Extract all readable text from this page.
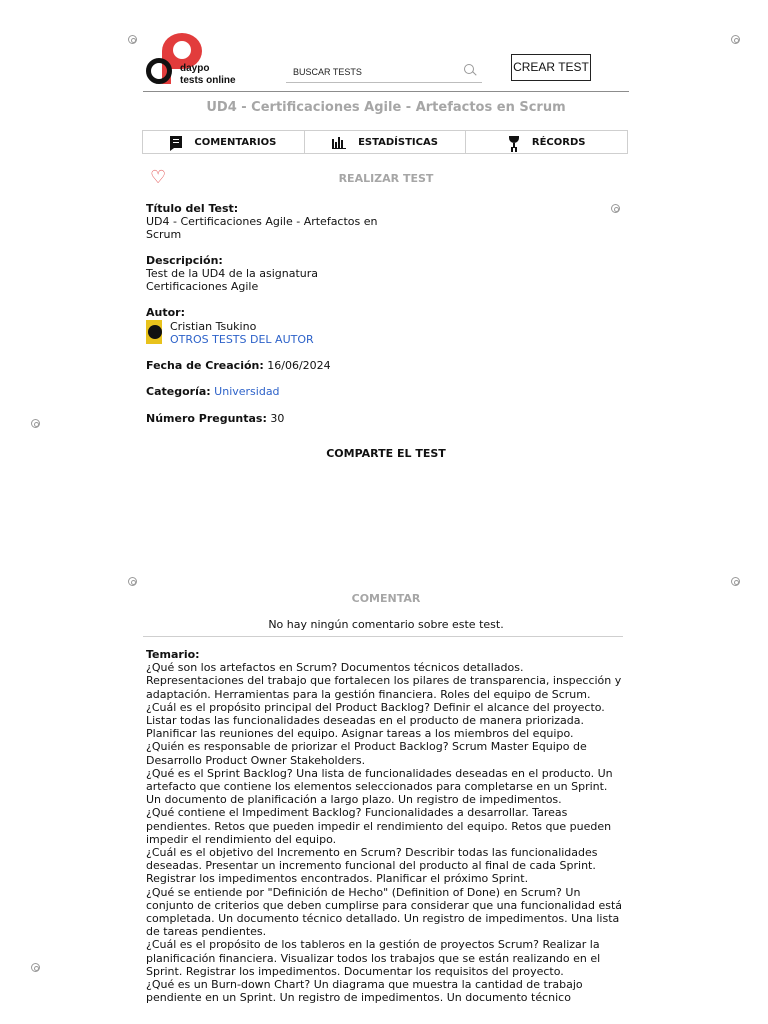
daypo
tests online
BUSCAR TESTS
CREAR TEST
UD4 - Certificaciones Agile - Artefactos en Scrum
COMENTARIOS	ESTADÍSTICAS	RÉCORDS
♡	REALIZAR TEST
Título del Test:
UD4 - Certificaciones Agile - Artefactos en
Scrum
Descripción:
Test de la UD4 de la asignatura
Certificaciones Agile
Autor:
Cristian Tsukino
OTROS TESTS DEL AUTOR
Fecha de Creación: 16/06/2024
Categoría: Universidad
Número Preguntas: 30
COMPARTE EL TEST
COMENTAR
No hay ningún comentario sobre este test.
Temario:
¿Qué son los artefactos en Scrum? Documentos técnicos detallados.
Representaciones del trabajo que fortalecen los pilares de transparencia, inspección y
adaptación. Herramientas para la gestión financiera. Roles del equipo de Scrum.
¿Cuál es el propósito principal del Product Backlog? Definir el alcance del proyecto.
Listar todas las funcionalidades deseadas en el producto de manera priorizada.
Planificar las reuniones del equipo. Asignar tareas a los miembros del equipo.
¿Quién es responsable de priorizar el Product Backlog? Scrum Master Equipo de
Desarrollo Product Owner Stakeholders.
¿Qué es el Sprint Backlog? Una lista de funcionalidades deseadas en el producto. Un
artefacto que contiene los elementos seleccionados para completarse en un Sprint.
Un documento de planificación a largo plazo. Un registro de impedimentos.
¿Qué contiene el Impediment Backlog? Funcionalidades a desarrollar. Tareas
pendientes. Retos que pueden impedir el rendimiento del equipo. Retos que pueden
impedir el rendimiento del equipo.
¿Cuál es el objetivo del Incremento en Scrum? Describir todas las funcionalidades
deseadas. Presentar un incremento funcional del producto al final de cada Sprint.
Registrar los impedimentos encontrados. Planificar el próximo Sprint.
¿Qué se entiende por "Definición de Hecho" (Definition of Done) en Scrum? Un
conjunto de criterios que deben cumplirse para considerar que una funcionalidad está
completada. Un documento técnico detallado. Un registro de impedimentos. Una lista
de tareas pendientes.
¿Cuál es el propósito de los tableros en la gestión de proyectos Scrum? Realizar la
planificación financiera. Visualizar todos los trabajos que se están realizando en el
Sprint. Registrar los impedimentos. Documentar los requisitos del proyecto.
¿Qué es un Burn-down Chart? Un diagrama que muestra la cantidad de trabajo
pendiente en un Sprint. Un registro de impedimentos. Un documento técnico
